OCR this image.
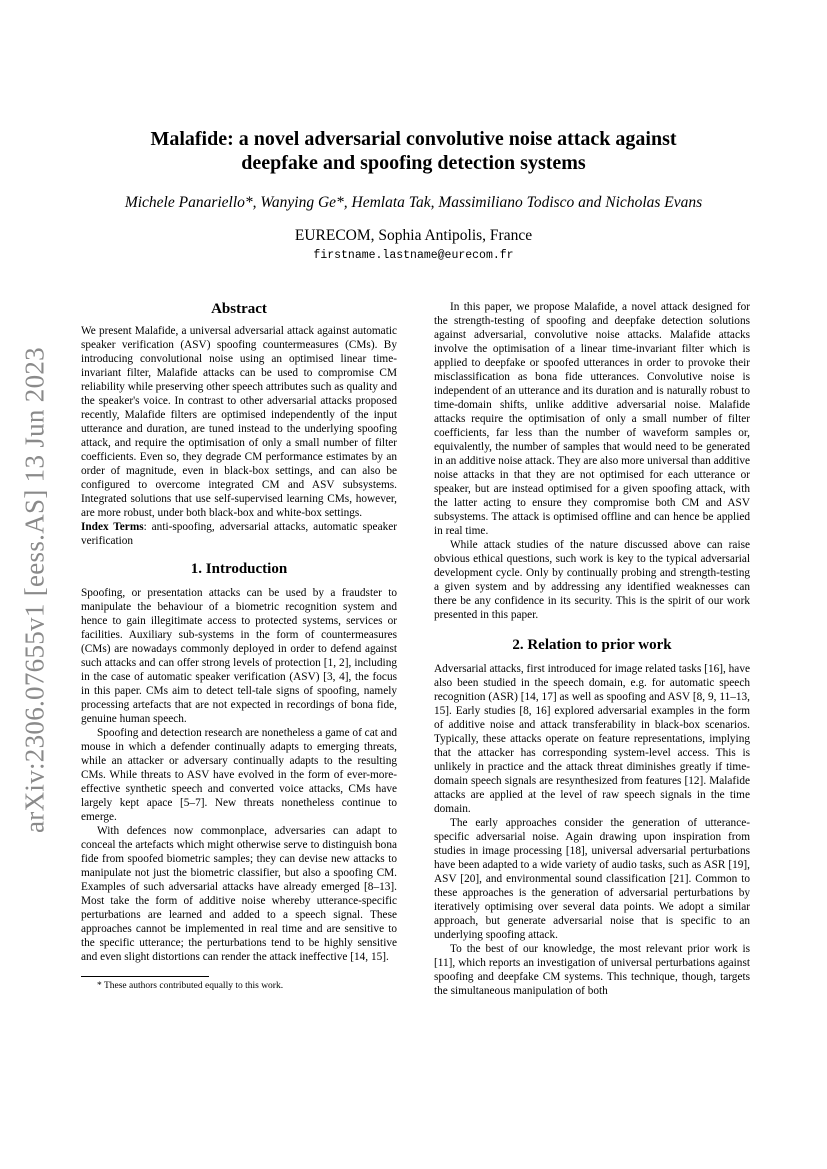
arXiv:2306.07655v1 [eess.AS] 13 Jun 2023
Malafide: a novel adversarial convolutive noise attack against
deepfake and spoofing detection systems
Michele Panariello*, Wanying Ge*, Hemlata Tak, Massimiliano Todisco and Nicholas Evans
EURECOM, Sophia Antipolis, France
firstname.lastname@eurecom.fr
Abstract

We present Malafide, a universal adversarial attack against automatic speaker verification (ASV) spoofing countermeasures (CMs). By introducing convolutional noise using an optimised linear time-invariant filter, Malafide attacks can be used to compromise CM reliability while preserving other speech attributes such as quality and the speaker's voice. In contrast to other adversarial attacks proposed recently, Malafide filters are optimised independently of the input utterance and duration, are tuned instead to the underlying spoofing attack, and require the optimisation of only a small number of filter coefficients. Even so, they degrade CM performance estimates by an order of magnitude, even in black-box settings, and can also be configured to overcome integrated CM and ASV subsystems. Integrated solutions that use self-supervised learning CMs, however, are more robust, under both black-box and white-box settings.

Index Terms: anti-spoofing, adversarial attacks, automatic speaker verification

1. Introduction

Spoofing, or presentation attacks can be used by a fraudster to manipulate the behaviour of a biometric recognition system and hence to gain illegitimate access to protected systems, services or facilities. Auxiliary sub-systems in the form of countermeasures (CMs) are nowadays commonly deployed in order to defend against such attacks and can offer strong levels of protection [1, 2], including in the case of automatic speaker verification (ASV) [3, 4], the focus in this paper. CMs aim to detect tell-tale signs of spoofing, namely processing artefacts that are not expected in recordings of bona fide, genuine human speech.

Spoofing and detection research are nonetheless a game of cat and mouse in which a defender continually adapts to emerging threats, while an attacker or adversary continually adapts to the resulting CMs. While threats to ASV have evolved in the form of ever-more-effective synthetic speech and converted voice attacks, CMs have largely kept apace [5–7]. New threats nonetheless continue to emerge.

With defences now commonplace, adversaries can adapt to conceal the artefacts which might otherwise serve to distinguish bona fide from spoofed biometric samples; they can devise new attacks to manipulate not just the biometric classifier, but also a spoofing CM. Examples of such adversarial attacks have already emerged [8–13]. Most take the form of additive noise whereby utterance-specific perturbations are learned and added to a speech signal. These approaches cannot be implemented in real time and are sensitive to the specific utterance; the perturbations tend to be highly sensitive and even slight distortions can render the attack ineffective [14, 15].

* These authors contributed equally to this work.

In this paper, we propose Malafide, a novel attack designed for the strength-testing of spoofing and deepfake detection solutions against adversarial, convolutive noise attacks. Malafide attacks involve the optimisation of a linear time-invariant filter which is applied to deepfake or spoofed utterances in order to provoke their misclassification as bona fide utterances. Convolutive noise is independent of an utterance and its duration and is naturally robust to time-domain shifts, unlike additive adversarial noise. Malafide attacks require the optimisation of only a small number of filter coefficients, far less than the number of waveform samples or, equivalently, the number of samples that would need to be generated in an additive noise attack. They are also more universal than additive noise attacks in that they are not optimised for each utterance or speaker, but are instead optimised for a given spoofing attack, with the latter acting to ensure they compromise both CM and ASV subsystems. The attack is optimised offline and can hence be applied in real time.

While attack studies of the nature discussed above can raise obvious ethical questions, such work is key to the typical adversarial development cycle. Only by continually probing and strength-testing a given system and by addressing any identified weaknesses can there be any confidence in its security. This is the spirit of our work presented in this paper.

2. Relation to prior work

Adversarial attacks, first introduced for image related tasks [16], have also been studied in the speech domain, e.g. for automatic speech recognition (ASR) [14, 17] as well as spoofing and ASV [8, 9, 11–13, 15]. Early studies [8, 16] explored adversarial examples in the form of additive noise and attack transferability in black-box scenarios. Typically, these attacks operate on feature representations, implying that the attacker has corresponding system-level access. This is unlikely in practice and the attack threat diminishes greatly if time-domain speech signals are resynthesized from features [12]. Malafide attacks are applied at the level of raw speech signals in the time domain.

The early approaches consider the generation of utterance-specific adversarial noise. Again drawing upon inspiration from studies in image processing [18], universal adversarial perturbations have been adapted to a wide variety of audio tasks, such as ASR [19], ASV [20], and environmental sound classification [21]. Common to these approaches is the generation of adversarial perturbations by iteratively optimising over several data points. We adopt a similar approach, but generate adversarial noise that is specific to an underlying spoofing attack.

To the best of our knowledge, the most relevant prior work is [11], which reports an investigation of universal perturbations against spoofing and deepfake CM systems. This technique, though, targets the simultaneous manipulation of both
